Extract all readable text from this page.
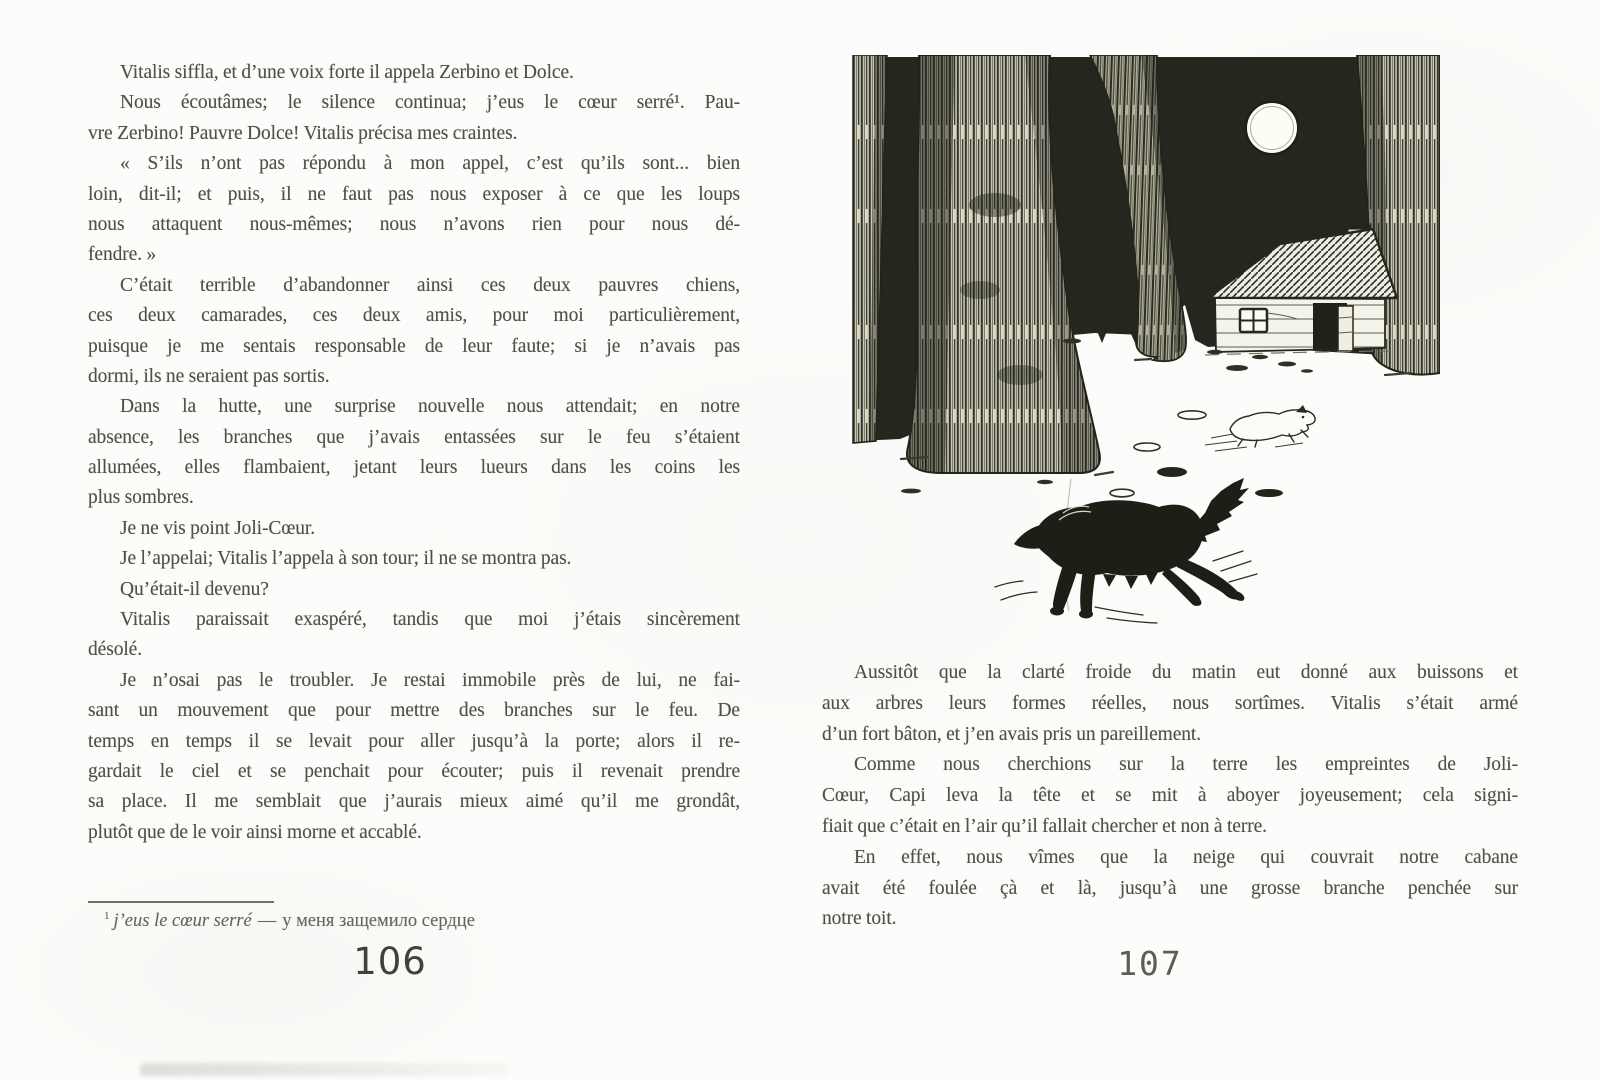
Vitalis siffla, et d’une voix forte il appela Zerbino et Dolce.
Nous écoutâmes; le silence continua; j’eus le cœur serré¹. Pau-
vre Zerbino! Pauvre Dolce! Vitalis précisa mes craintes.
« S’ils n’ont pas répondu à mon appel, c’est qu’ils sont... bien
loin, dit-il; et puis, il ne faut pas nous exposer à ce que les loups
nous attaquent nous-mêmes; nous n’avons rien pour nous dé-
fendre. »
C’était terrible d’abandonner ainsi ces deux pauvres chiens,
ces deux camarades, ces deux amis, pour moi particulièrement,
puisque je me sentais responsable de leur faute; si je n’avais pas
dormi, ils ne seraient pas sortis.
Dans la hutte, une surprise nouvelle nous attendait; en notre
absence, les branches que j’avais entassées sur le feu s’étaient
allumées, elles flambaient, jetant leurs lueurs dans les coins les
plus sombres.
Je ne vis point Joli-Cœur.
Je l’appelai; Vitalis l’appela à son tour; il ne se montra pas.
Qu’était-il devenu?
Vitalis paraissait exaspéré, tandis que moi j’étais sincèrement
désolé.
Je n’osai pas le troubler. Je restai immobile près de lui, ne fai-
sant un mouvement que pour mettre des branches sur le feu. De
temps en temps il se levait pour aller jusqu’à la porte; alors il re-
gardait le ciel et se penchait pour écouter; puis il revenait prendre
sa place. Il me semblait que j’aurais mieux aimé qu’il me grondât,
plutôt que de le voir ainsi morne et accablé.
$^1$ j’eus le cœur serré — у меня защемило сердце
106	107
Aussitôt que la clarté froide du matin eut donné aux buissons et
aux arbres leurs formes réelles, nous sortîmes. Vitalis s’était armé
d’un fort bâton, et j’en avais pris un pareillement.
Comme nous cherchions sur la terre les empreintes de Joli-
Cœur, Capi leva la tête et se mit à aboyer joyeusement; cela signi-
fiait que c’était en l’air qu’il fallait chercher et non à terre.
En effet, nous vîmes que la neige qui couvrait notre cabane
avait été foulée çà et là, jusqu’à une grosse branche penchée sur
notre toit.
